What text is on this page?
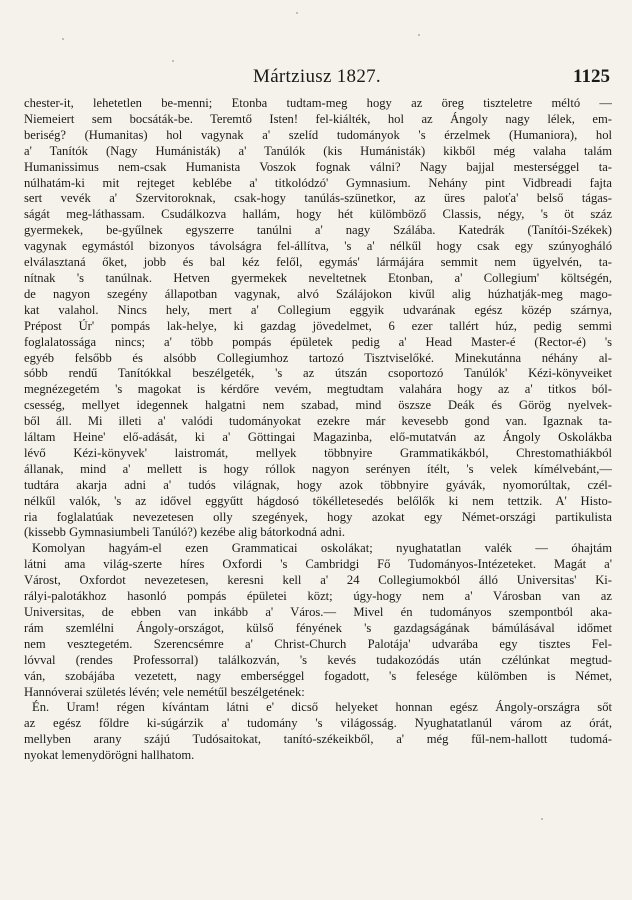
Mártziusz 1827.	1125
chester-it, lehetetlen be-menni; Etonba tudtam-meg hogy az öreg tiszteletre méltó —
Niemeiert sem bocsáták-be. Teremtő Isten! fel-kiálték, hol az Ángoly nagy lélek, em-
beriség? (Humanitas) hol vagynak a' szelíd tudományok 's érzelmek (Humaniora), hol
a' Tanítók (Nagy Humánisták) a' Tanúlók (kis Humánisták) kikből még valaha talám
Humanissimus nem-csak Humanista Voszok fognak válni? Nagy bajjal mesterséggel ta-
núlhatám-ki mit rejteget keblébe a' titkolódzó' Gymnasium. Nehány pint Vidbreadi fajta
sert vevék a' Szervitoroknak, csak-hogy tanúlás-szünetkor, az üres paloťa' belső tágas-
ságát meg-láthassam. Csudálkozva hallám, hogy hét külömböző Classis, négy, 's öt száz
gyermekek, be-gyűlnek egyszerre tanúlni a' nagy Szálába. Katedrák (Tanítói-Székek)
vagynak egymástól bizonyos távolságra fel-állítva, 's a' nélkűl hogy csak egy szúnyogháló
elválasztaná őket, jobb és bal kéz felől, egymás' lármájára semmit nem ügyelvén, ta-
nítnak 's tanúlnak. Hetven gyermekek neveltetnek Etonban, a' Collegium' költségén,
de nagyon szegény állapotban vagynak, alvó Szálájokon kivűl alig húzhatják-meg mago-
kat valahol. Nincs hely, mert a' Collegium eggyik udvarának egész közép szárnya,
Prépost Úr' pompás lak-helye, ki gazdag jövedelmet, 6 ezer tallért húz, pedig semmi
foglalatossága nincs; a' több pompás épületek pedig a' Head Master-é (Rector-é) 's
egyéb felsőbb és alsóbb Collegiumhoz tartozó Tisztviselőké. Minekutánna néhány al-
sóbb rendű Tanítókkal beszélgeték, 's az útszán csoportozó Tanúlók' Kézi-könyveiket
megnézegetém 's magokat is kérdőre vevém, megtudtam valahára hogy az a' titkos ból-
csesség, mellyet idegennek halgatni nem szabad, mind öszsze Deák és Görög nyelvek-
ből áll. Mi illeti a' valódi tudományokat ezekre már kevesebb gond van. Igaznak ta-
láltam Heine' elő-adását, ki a' Göttingai Magazinba, elő-mutatván az Ángoly Oskolákba
lévő Kézi-könyvek' laistromát, mellyek többnyire Grammatikákból, Chrestomathiákból
állanak, mind a' mellett is hogy róllok nagyon serényen ítélt, 's velek kímélvebánt,—
tudtára akarja adni a' tudós világnak, hogy azok többnyire gyávák, nyomorúltak, czél-
nélkűl valók, 's az idővel eggyűtt hágdosó tökélletesedés belőlők ki nem tettzik. A' Histo-
ria foglalatúak nevezetesen olly szegények, hogy azokat egy Német-országi partikulista
(kissebb Gymnasiumbeli Tanúló?) kezébe alig bátorkodná adni.
Komolyan hagyám-el ezen Grammaticai oskolákat; nyughatatlan valék — óhajtám
látni ama világ-szerte híres Oxfordi 's Cambridgi Fő Tudományos-Intézeteket. Magát a'
Várost, Oxfordot nevezetesen, keresni kell a' 24 Collegiumokból álló Universitas' Ki-
rályi-palotákhoz hasonló pompás épületei közt; úgy-hogy nem a' Városban van az
Universitas, de ebben van inkább a' Város.— Mivel én tudományos szempontból aka-
rám szemlélni Ángoly-országot, külső fényének 's gazdagságának bámúlásával időmet
nem vesztegetém. Szerencsémre a' Christ-Church Palotája' udvarába egy tisztes Fel-
lóvval (rendes Professorral) találkozván, 's kevés tudakozódás után czélúnkat megtud-
ván, szobájába vezetett, nagy emberséggel fogadott, 's felesége külömben is Német,
Hannóverai születés lévén; vele nemétűl beszélgetének:
Én. Uram! régen kívántam látni e' dicső helyeket honnan egész Ángoly-országra sőt
az egész főldre ki-súgárzik a' tudomány 's világosság. Nyughatatlanúl várom az órát,
mellyben arany szájú Tudósaitokat, tanító-székeikből, a' még fűl-nem-hallott tudomá-
nyokat lemenydörögni hallhatom.
